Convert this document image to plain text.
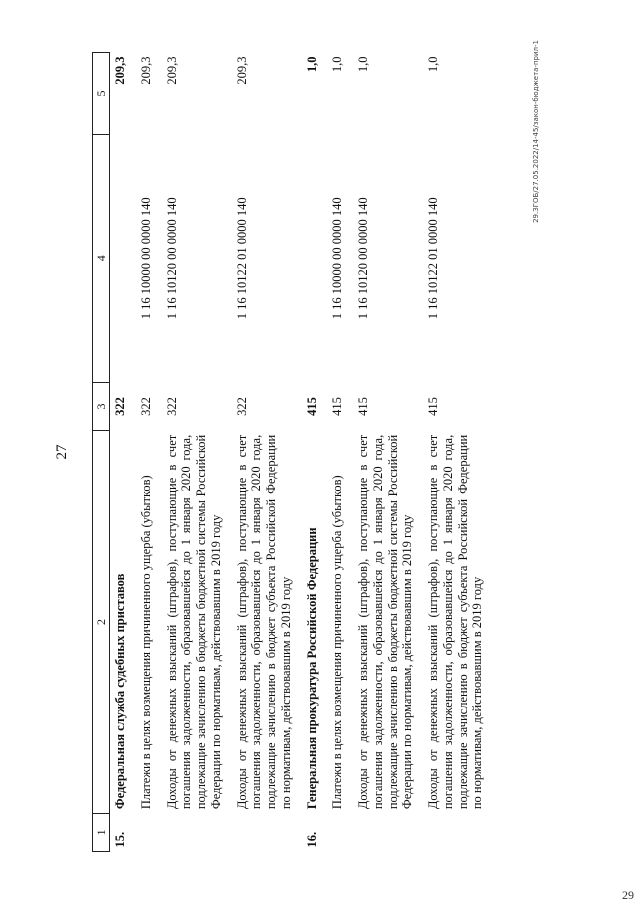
27
1	2	3	4	5
15.	Федеральная служба судебных приставов	322		209,3
	Платежи в целях возмещения причиненного ущерба (убытков)	322	1 16 10000 00 0000 140	209,3
	Доходы от денежных взысканий (штрафов), поступающие в счет погашения задолженности, образовавшейся до 1 января 2020 года, подлежащие зачислению в бюджеты бюджетной системы Российской Федерации по нормативам, действовавшим в 2019 году	322	1 16 10120 00 0000 140	209,3
	Доходы от денежных взысканий (штрафов), поступающие в счет погашения задолженности, образовавшейся до 1 января 2020 года, подлежащие зачислению в бюджет субъекта Российской Федерации по нормативам, действовавшим в 2019 году	322	1 16 10122 01 0000 140	209,3
16.	Генеральная прокуратура Российской Федерации	415		1,0
	Платежи в целях возмещения причиненного ущерба (убытков)	415	1 16 10000 00 0000 140	1,0
	Доходы от денежных взысканий (штрафов), поступающие в счет погашения задолженности, образовавшейся до 1 января 2020 года, подлежащие зачислению в бюджеты бюджетной системы Российской Федерации по нормативам, действовавшим в 2019 году	415	1 16 10120 00 0000 140	1,0
	Доходы от денежных взысканий (штрафов), поступающие в счет погашения задолженности, образовавшейся до 1 января 2020 года, подлежащие зачислению в бюджет субъекта Российской Федерации по нормативам, действовавшим в 2019 году	415	1 16 10122 01 0000 140	1,0	29.ЗГОБ/27.05.2022/14-45/закон-бюджета-прил-1
29
